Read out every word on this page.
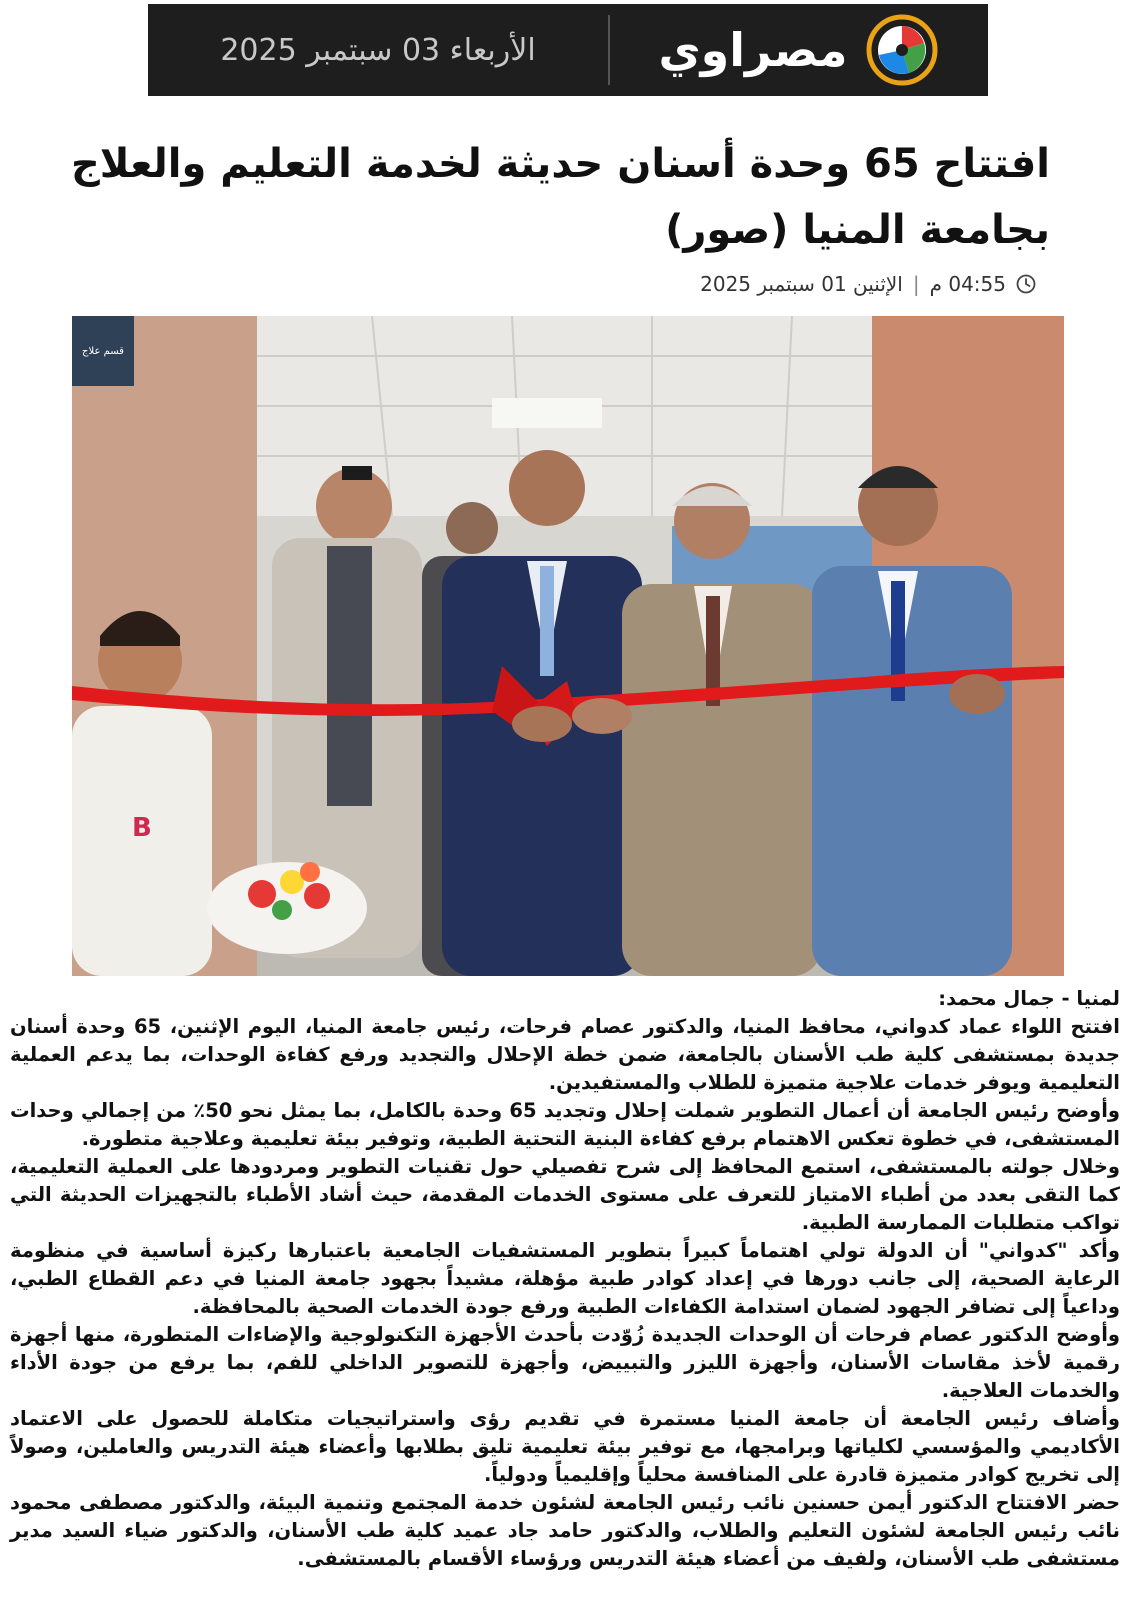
الأربعاء 03 سبتمبر 2025	مصراوي
افتتاح 65 وحدة أسنان حديثة لخدمة التعليم والعلاج بجامعة المنيا (صور)
04:55 م
|
الإثنين 01 سبتمبر 2025
قسم علاج
B

لمنيا - جمال محمد:

افتتح اللواء عماد كدواني، محافظ المنيا، والدكتور عصام فرحات، رئيس جامعة المنيا، اليوم الإثنين، 65 وحدة أسنان جديدة بمستشفى كلية طب الأسنان بالجامعة، ضمن خطة الإحلال والتجديد ورفع كفاءة الوحدات، بما يدعم العملية التعليمية ويوفر خدمات علاجية متميزة للطلاب والمستفيدين.

وأوضح رئيس الجامعة أن أعمال التطوير شملت إحلال وتجديد 65 وحدة بالكامل، بما يمثل نحو 50٪ من إجمالي وحدات المستشفى، في خطوة تعكس الاهتمام برفع كفاءة البنية التحتية الطبية، وتوفير بيئة تعليمية وعلاجية متطورة.

وخلال جولته بالمستشفى، استمع المحافظ إلى شرح تفصيلي حول تقنيات التطوير ومردودها على العملية التعليمية، كما التقى بعدد من أطباء الامتياز للتعرف على مستوى الخدمات المقدمة، حيث أشاد الأطباء بالتجهيزات الحديثة التي تواكب متطلبات الممارسة الطبية.

وأكد "كدواني" أن الدولة تولي اهتماماً كبيراً بتطوير المستشفيات الجامعية باعتبارها ركيزة أساسية في منظومة الرعاية الصحية، إلى جانب دورها في إعداد كوادر طبية مؤهلة، مشيداً بجهود جامعة المنيا في دعم القطاع الطبي، وداعياً إلى تضافر الجهود لضمان استدامة الكفاءات الطبية ورفع جودة الخدمات الصحية بالمحافظة.

وأوضح الدكتور عصام فرحات أن الوحدات الجديدة زُوّدت بأحدث الأجهزة التكنولوجية والإضاءات المتطورة، منها أجهزة رقمية لأخذ مقاسات الأسنان، وأجهزة الليزر والتبييض، وأجهزة للتصوير الداخلي للفم، بما يرفع من جودة الأداء والخدمات العلاجية.

وأضاف رئيس الجامعة أن جامعة المنيا مستمرة في تقديم رؤى واستراتيجيات متكاملة للحصول على الاعتماد الأكاديمي والمؤسسي لكلياتها وبرامجها، مع توفير بيئة تعليمية تليق بطلابها وأعضاء هيئة التدريس والعاملين، وصولاً إلى تخريج كوادر متميزة قادرة على المنافسة محلياً وإقليمياً ودولياً.

حضر الافتتاح الدكتور أيمن حسنين نائب رئيس الجامعة لشئون خدمة المجتمع وتنمية البيئة، والدكتور مصطفى محمود نائب رئيس الجامعة لشئون التعليم والطلاب، والدكتور حامد جاد عميد كلية طب الأسنان، والدكتور ضياء السيد مدير مستشفى طب الأسنان، ولفيف من أعضاء هيئة التدريس ورؤساء الأقسام بالمستشفى.
